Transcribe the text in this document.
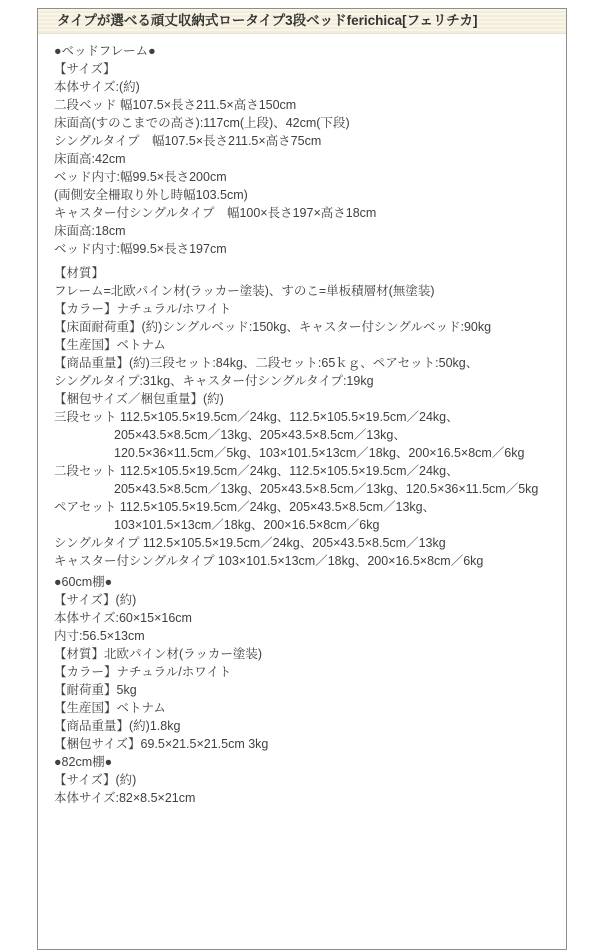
タイプが選べる頑丈収納式ロータイプ3段ベッドferichica[フェリチカ]
●ベッドフレーム●
【サイズ】
本体サイズ:(約)
二段ベッド 幅107.5×長さ211.5×高さ150cm
床面高(すのこまでの高さ):117cm(上段)、42cm(下段)
シングルタイプ　幅107.5×長さ211.5×高さ75cm
床面高:42cm
ベッド内寸:幅99.5×長さ200cm
(両側安全柵取り外し時幅103.5cm)
キャスター付シングルタイプ　幅100×長さ197×高さ18cm
床面高:18cm
ベッド内寸:幅99.5×長さ197cm
【材質】
フレーム=北欧パイン材(ラッカー塗装)、すのこ=単板積層材(無塗装)
【カラー】ナチュラル/ホワイト
【床面耐荷重】(約)シングルベッド:150kg、キャスター付シングルベッド:90kg
【生産国】ベトナム
【商品重量】(約)三段セット:84kg、二段セット:65ｋｇ、ペアセット:50kg、
シングルタイプ:31kg、キャスター付シングルタイプ:19kg
【梱包サイズ／梱包重量】(約)
三段セット 112.5×105.5×19.5cm／24kg、112.5×105.5×19.5cm／24kg、
205×43.5×8.5cm／13kg、205×43.5×8.5cm／13kg、
120.5×36×11.5cm／5kg、103×101.5×13cm／18kg、200×16.5×8cm／6kg
二段セット 112.5×105.5×19.5cm／24kg、112.5×105.5×19.5cm／24kg、
205×43.5×8.5cm／13kg、205×43.5×8.5cm／13kg、120.5×36×11.5cm／5kg
ペアセット 112.5×105.5×19.5cm／24kg、205×43.5×8.5cm／13kg、
103×101.5×13cm／18kg、200×16.5×8cm／6kg
シングルタイプ 112.5×105.5×19.5cm／24kg、205×43.5×8.5cm／13kg
キャスター付シングルタイプ 103×101.5×13cm／18kg、200×16.5×8cm／6kg
●60cm棚●
【サイズ】(約)
本体サイズ:60×15×16cm
内寸:56.5×13cm
【材質】北欧パイン材(ラッカー塗装)
【カラー】ナチュラル/ホワイト
【耐荷重】5kg
【生産国】ベトナム
【商品重量】(約)1.8kg
【梱包サイズ】69.5×21.5×21.5cm 3kg
●82cm棚●
【サイズ】(約)
本体サイズ:82×8.5×21cm
